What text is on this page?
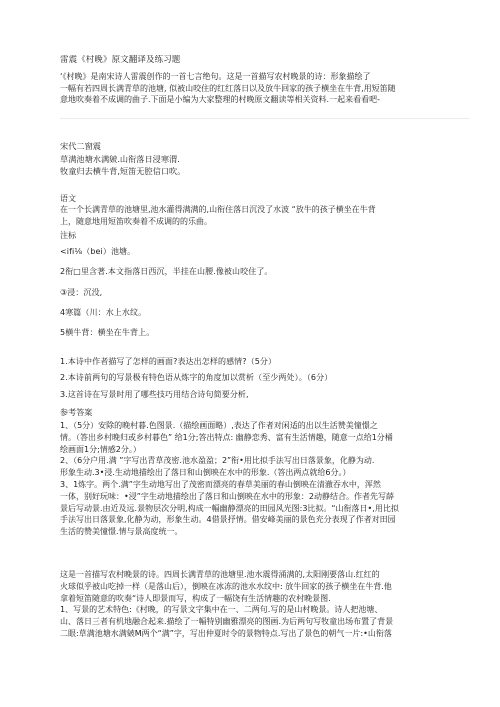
雷震《村晚》原文翻译及练习题
‘《村晚》是南宋诗人雷震创作的一首七言绝句。这是一首描写农村晚景的诗：形象描绘了
一幅有若四周长满青草的池塘, 似被山咬住的红红落日以及放牛回家的孩子横坐在牛背,用短笛随
意地吹奏着不成调的曲子.下面是小编为大家整理的村晚原文翻读等相关资料.一起来看看吧-
宋代二窗震
草满池塘水满皴.山衔落日浸寒渭.
牧童归去横牛背,短笛无腔信口吹。
语文
在一个长满青草的池塘里,池水灌得满满的,山衔住落日沉没了水波 “放牛的孩子横坐在牛背
上，随意地用短笛吹奏着不成调的的乐曲。
注标
<ifi⅛（bei）池塘。
2衔□里含著.本文指落日西沉，半挂在山腰.像被山咬住了。
③浸：沉没,
4寒篇（川：水上水纹。
5横牛背：横坐在牛背上。
1.本诗中作者描写了怎样的画面?表达出怎样的感情?（5分）
2.本诗前两句的写景极有特色语从炼字的角度加以赏析（至少两处）。（6分）
3.这首诗在写景时用了哪些技巧用结合诗句简要分析,
参考答案
1、（5分）安除的晚村暮.色图景.（描绘画面略）,表达了作者对闲适的出以生活赞美憧憬之
情。（答出乡村晚归或乡村暮色” 给1分;答出特点: 幽静恋秀、富有生活情趣，随意一点给1分桶
绘画面1分;情感2分。）
2、（6分户用.满 ”字写出青草茂密.池水盈盈；2”衔•用比拟手法写出日落景象，化静为动.
形象生动.3•浸.生动地描绘出了落日和山倒映在水中的形象.（答出两点就给6分。）
3、1炼字。两个.满”字生动地写出了茂密而漂亮的春草美丽的春山倒映在清澈吞水中，浑然
一体，别好玩味：•浸”字生动地描绘出了落日和山倒映在水中的形象：2动静结合。作者先写薛
景后写动景.由近及远.景物层次分明,构成一幅幽静漂亮的田园风光图:3比拟。“山衔落日•,用比拟
手法写出日落景象,化静为动，形象生动。4借景抒情。借安峰美丽的景色充分表现了作者对田园
生活的赞美憧憬.情与景高度统一。
这是一首描写农村晚景的诗。四周长满青草的池塘里.池水震得涌满的,太阳刚要落山.红红的
火球似乎被山吃掉一样（是落山后），倒映在冰冻的池水水纹中: 放牛回家的孩子横坐在牛背.他
拿着短笛随意的吹奏“诗人即景而写，构成了一幅饶有生活情趣的农村晚景图.
1、写景的艺术特色:《村晚，的写景文字集中在一、二两句.写的是山村晚景。诗人把池塘、
山、落日三者有机地融合起来.描绘了一幅特别幽雅漂亮的图画.为后两句写牧童出场布置了背景
二眼:草满池塘水满皴M两个“满”字，写出仲夏时令的景物特点.写出了景色的朝气一片:•山衔落
